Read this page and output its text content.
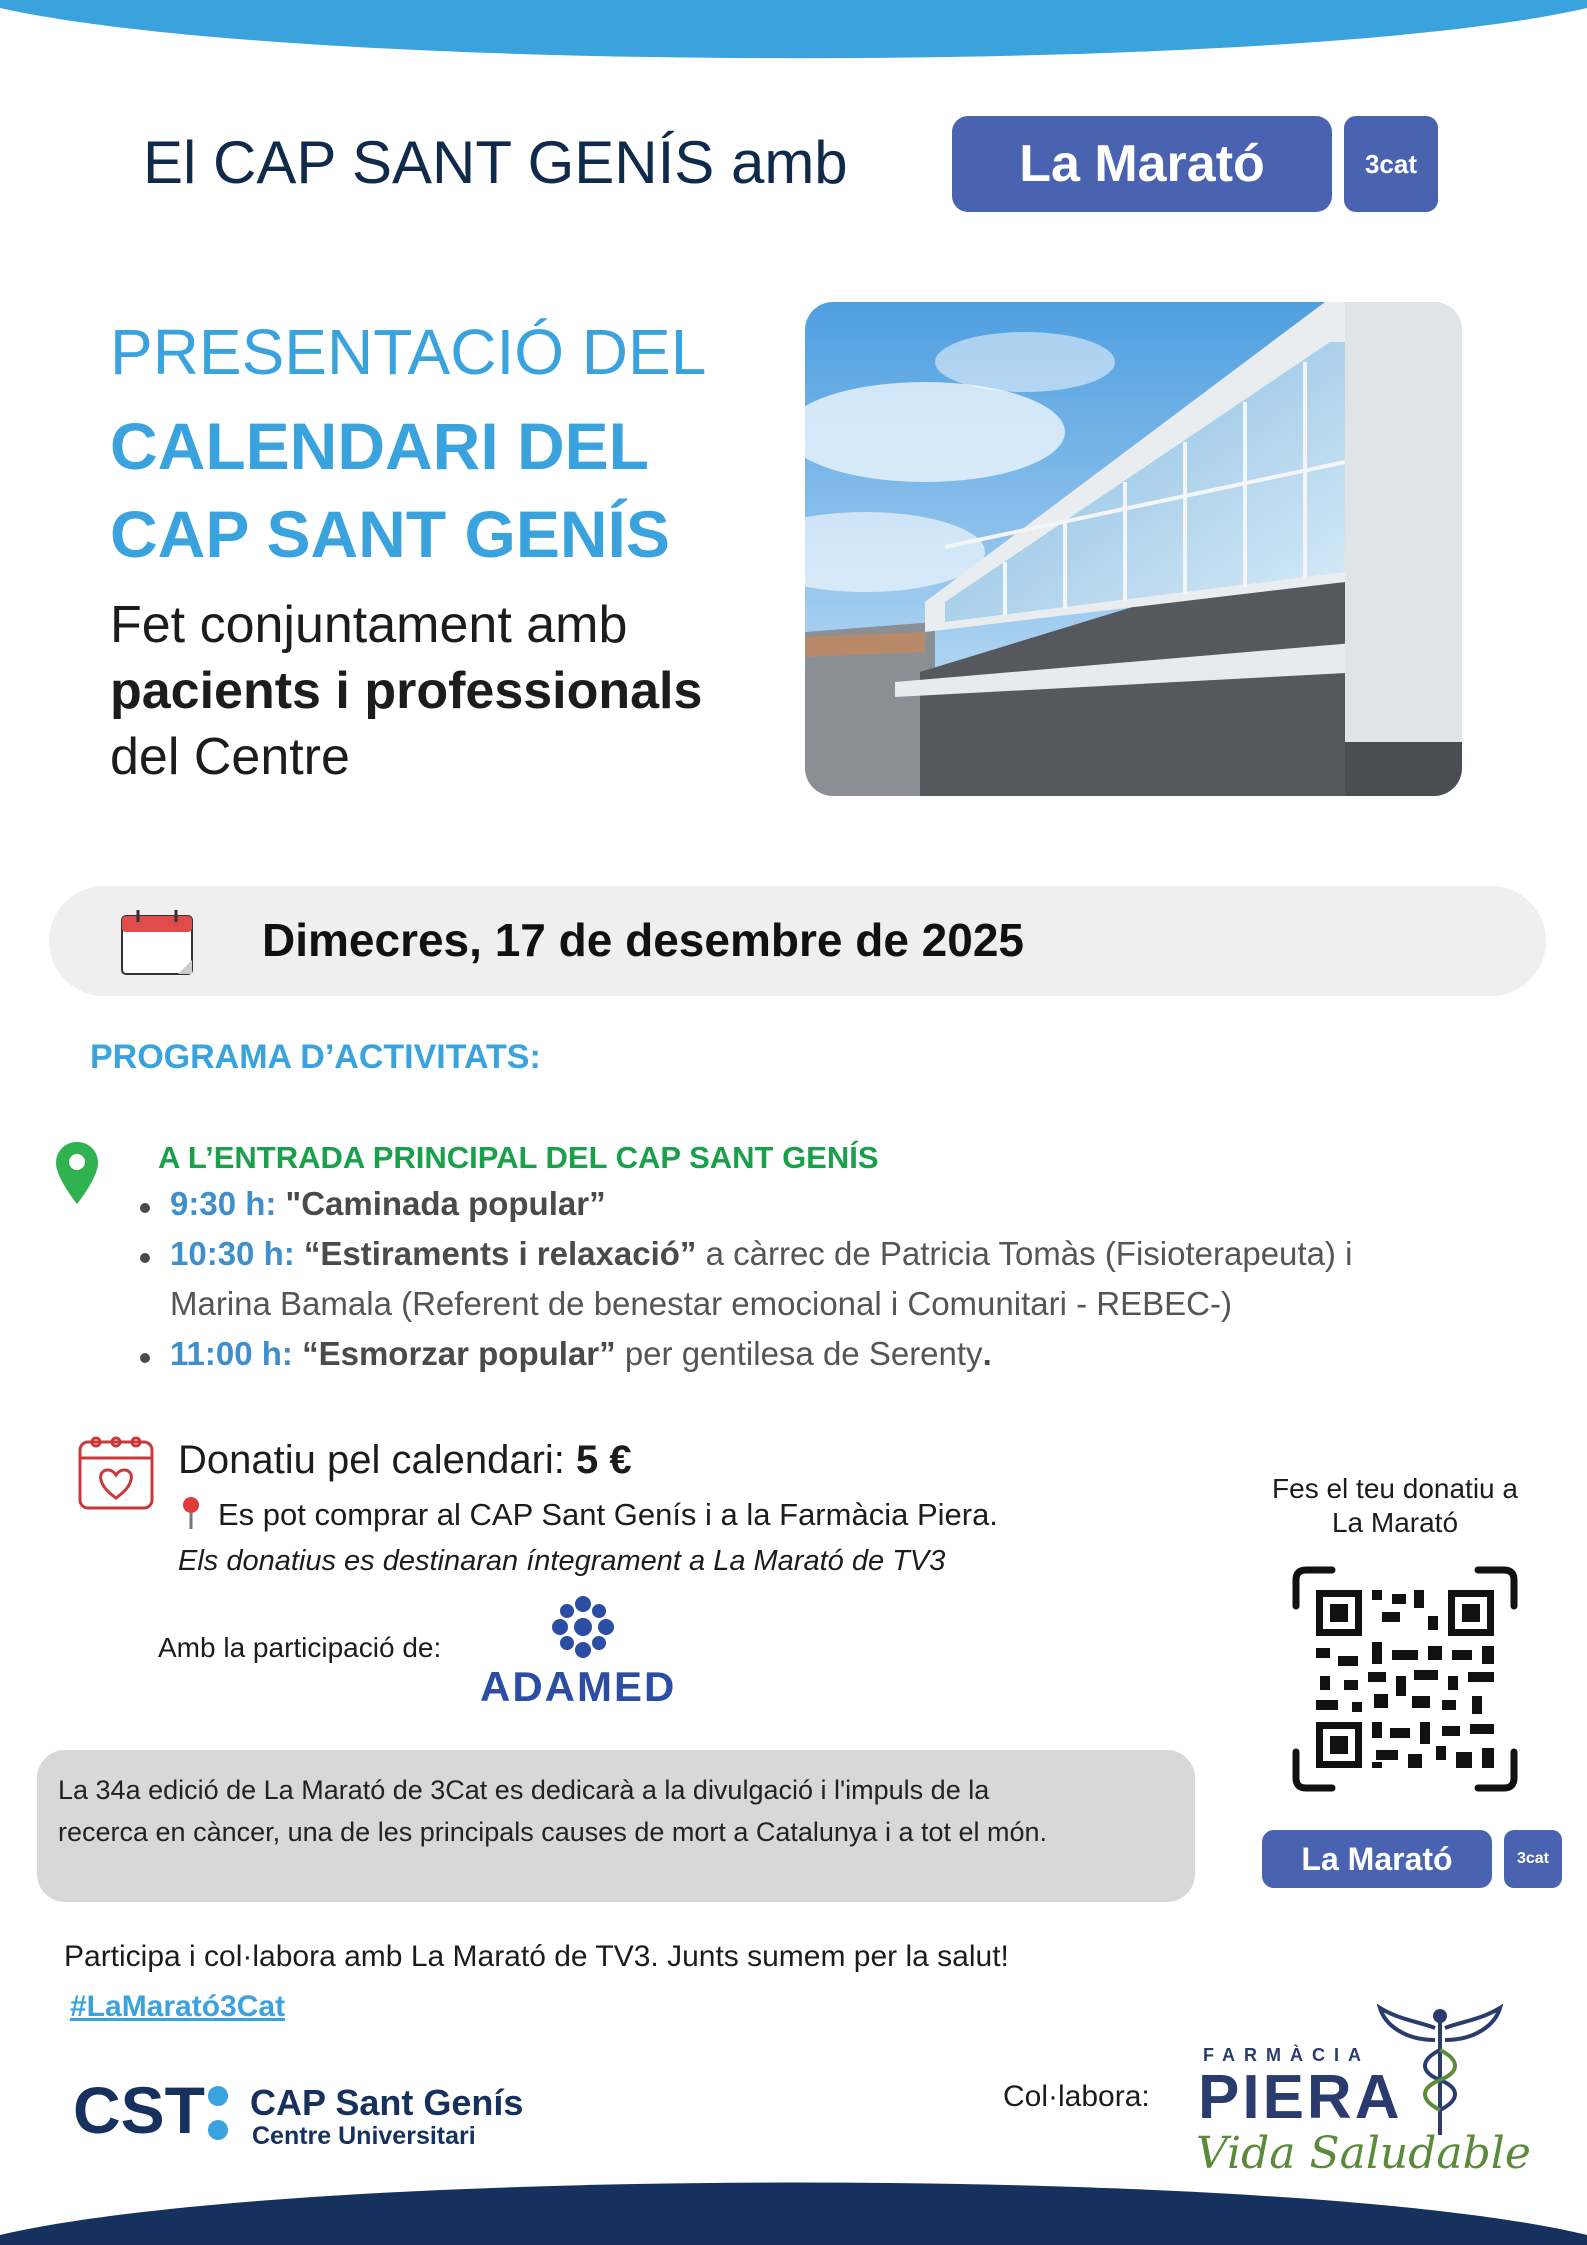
El CAP SANT GENÍS amb	La Marató	3cat
PRESENTACIÓ DEL
CALENDARI DEL
CAP SANT GENÍS
Fet conjuntament amb
pacients i professionals
del Centre
Dimecres, 17 de desembre de 2025
PROGRAMA D’ACTIVITATS:
A L’ENTRADA PRINCIPAL DEL CAP SANT GENÍS
9:30 h: "Caminada popular”
10:30 h: “Estiraments i relaxació” a càrrec de Patricia Tomàs (Fisioterapeuta) i
Marina Bamala (Referent de benestar emocional i Comunitari - REBEC-)
11:00 h: “Esmorzar popular” per gentilesa de Serenty.
Donatiu pel calendari: 5 €
Es pot comprar al CAP Sant Genís i a la Farmàcia Piera.
Els donatius es destinaran íntegrament a La Marató de TV3
Amb la participació de:
ADAMED
La 34a edició de La Marató de 3Cat es dedicarà a la divulgació i l'impuls de la
recerca en càncer, una de les principals causes de mort a Catalunya i a tot el món.
Fes el teu donatiu a
La Marató
La Marató	3cat
Participa i col·labora amb La Marató de TV3. Junts sumem per la salut!
#LaMarató3Cat
CST CAP Sant Genís
Centre Universitari
Col·labora:
FARMÀCIA
PIERA
Vida Saludable
